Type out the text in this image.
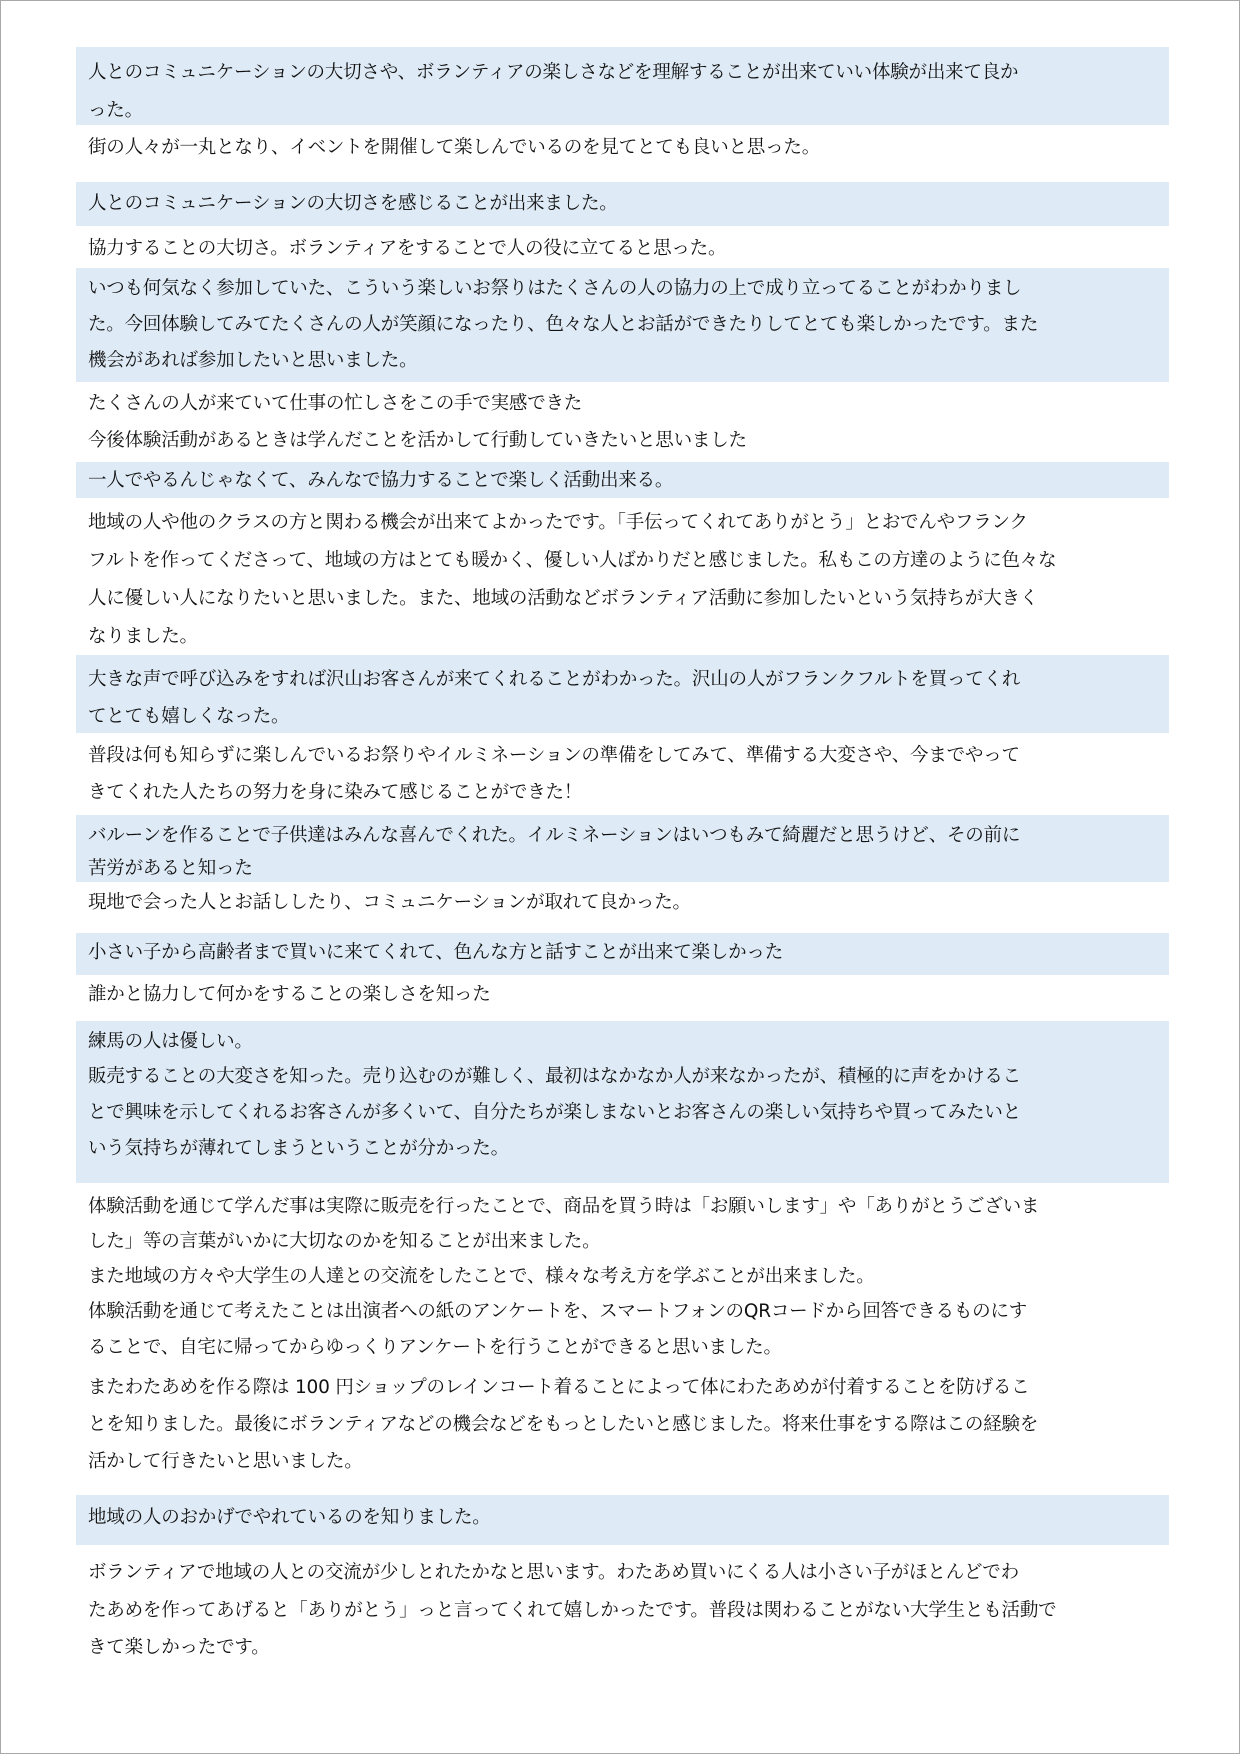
人とのコミュニケーションの大切さや、ボランティアの楽しさなどを理解することが出来ていい体験が出来て良か
った。
街の人々が一丸となり、イベントを開催して楽しんでいるのを見てとても良いと思った。
人とのコミュニケーションの大切さを感じることが出来ました。
協力することの大切さ。ボランティアをすることで人の役に立てると思った。
いつも何気なく参加していた、こういう楽しいお祭りはたくさんの人の協力の上で成り立ってることがわかりまし
た。今回体験してみてたくさんの人が笑顔になったり、色々な人とお話ができたりしてとても楽しかったです。また
機会があれば参加したいと思いました。
たくさんの人が来ていて仕事の忙しさをこの手で実感できた
今後体験活動があるときは学んだことを活かして行動していきたいと思いました
一人でやるんじゃなくて、みんなで協力することで楽しく活動出来る。
地域の人や他のクラスの方と関わる機会が出来てよかったです。「手伝ってくれてありがとう」とおでんやフランク
フルトを作ってくださって、地域の方はとても暖かく、優しい人ばかりだと感じました。私もこの方達のように色々な
人に優しい人になりたいと思いました。また、地域の活動などボランティア活動に参加したいという気持ちが大きく
なりました。
大きな声で呼び込みをすれば沢山お客さんが来てくれることがわかった。沢山の人がフランクフルトを買ってくれ
てとても嬉しくなった。
普段は何も知らずに楽しんでいるお祭りやイルミネーションの準備をしてみて、準備する大変さや、今までやって
きてくれた人たちの努力を身に染みて感じることができた！
バルーンを作ることで子供達はみんな喜んでくれた。イルミネーションはいつもみて綺麗だと思うけど、その前に
苦労があると知った
現地で会った人とお話ししたり、コミュニケーションが取れて良かった。
小さい子から高齢者まで買いに来てくれて、色んな方と話すことが出来て楽しかった
誰かと協力して何かをすることの楽しさを知った
練馬の人は優しい。
販売することの大変さを知った。売り込むのが難しく、最初はなかなか人が来なかったが、積極的に声をかけるこ
とで興味を示してくれるお客さんが多くいて、自分たちが楽しまないとお客さんの楽しい気持ちや買ってみたいと
いう気持ちが薄れてしまうということが分かった。
体験活動を通じて学んだ事は実際に販売を行ったことで、商品を買う時は「お願いします」や「ありがとうございま
した」等の言葉がいかに大切なのかを知ることが出来ました。
また地域の方々や大学生の人達との交流をしたことで、様々な考え方を学ぶことが出来ました。
体験活動を通じて考えたことは出演者への紙のアンケートを、スマートフォンのQRコードから回答できるものにす
ることで、自宅に帰ってからゆっくりアンケートを行うことができると思いました。
またわたあめを作る際は 100 円ショップのレインコート着ることによって体にわたあめが付着することを防げるこ
とを知りました。最後にボランティアなどの機会などをもっとしたいと感じました。将来仕事をする際はこの経験を
活かして行きたいと思いました。
地域の人のおかげでやれているのを知りました。
ボランティアで地域の人との交流が少しとれたかなと思います。わたあめ買いにくる人は小さい子がほとんどでわ
たあめを作ってあげると「ありがとう」っと言ってくれて嬉しかったです。普段は関わることがない大学生とも活動で
きて楽しかったです。
